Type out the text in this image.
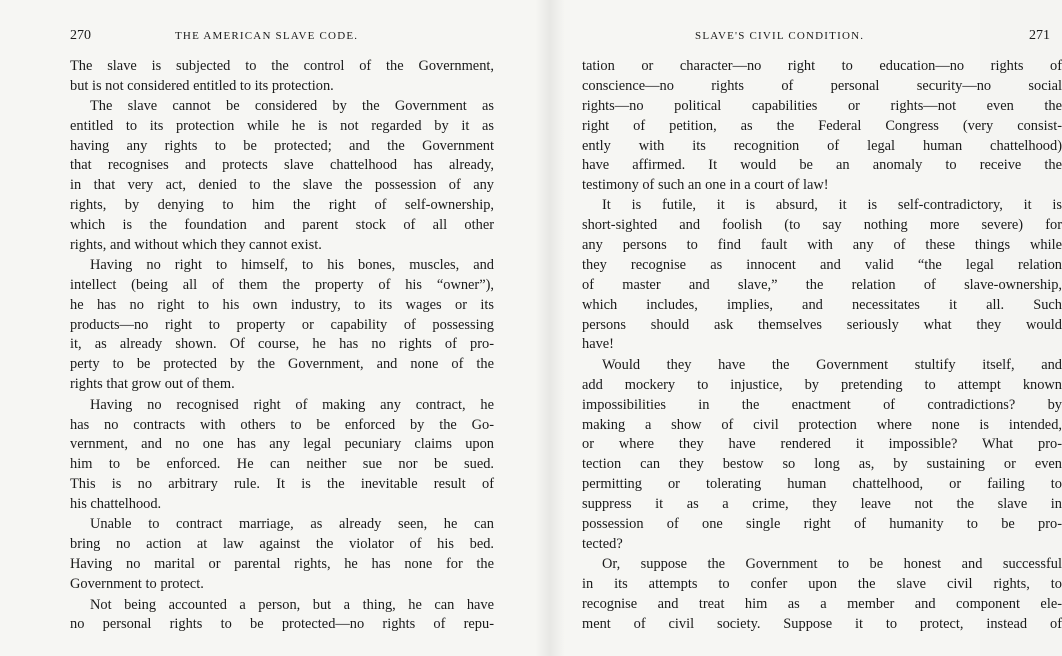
270	THE AMERICAN SLAVE CODE.
The slave is subjected to the control of the Government,
but is not considered entitled to its protection.
The slave cannot be considered by the Government as
entitled to its protection while he is not regarded by it as
having any rights to be protected; and the Government
that recognises and protects slave chattelhood has already,
in that very act, denied to the slave the possession of any
rights, by denying to him the right of self-ownership,
which is the foundation and parent stock of all other
rights, and without which they cannot exist.
Having no right to himself, to his bones, muscles, and
intellect (being all of them the property of his “owner”),
he has no right to his own industry, to its wages or its
products—no right to property or capability of possessing
it, as already shown. Of course, he has no rights of pro-
perty to be protected by the Government, and none of the
rights that grow out of them.
Having no recognised right of making any contract, he
has no contracts with others to be enforced by the Go-
vernment, and no one has any legal pecuniary claims upon
him to be enforced. He can neither sue nor be sued.
This is no arbitrary rule. It is the inevitable result of
his chattelhood.
Unable to contract marriage, as already seen, he can
bring no action at law against the violator of his bed.
Having no marital or parental rights, he has none for the
Government to protect.
Not being accounted a person, but a thing, he can have
no personal rights to be protected—no rights of repu-
SLAVE'S CIVIL CONDITION.	271
tation or character—no right to education—no rights of
conscience—no rights of personal security—no social
rights—no political capabilities or rights—not even the
right of petition, as the Federal Congress (very consist-
ently with its recognition of legal human chattelhood)
have affirmed. It would be an anomaly to receive the
testimony of such an one in a court of law!
It is futile, it is absurd, it is self-contradictory, it is
short-sighted and foolish (to say nothing more severe) for
any persons to find fault with any of these things while
they recognise as innocent and valid “the legal relation
of master and slave,” the relation of slave-ownership,
which includes, implies, and necessitates it all. Such
persons should ask themselves seriously what they would
have!
Would they have the Government stultify itself, and
add mockery to injustice, by pretending to attempt known
impossibilities in the enactment of contradictions? by
making a show of civil protection where none is intended,
or where they have rendered it impossible? What pro-
tection can they bestow so long as, by sustaining or even
permitting or tolerating human chattelhood, or failing to
suppress it as a crime, they leave not the slave in
possession of one single right of humanity to be pro-
tected?
Or, suppose the Government to be honest and successful
in its attempts to confer upon the slave civil rights, to
recognise and treat him as a member and component ele-
ment of civil society. Suppose it to protect, instead of
